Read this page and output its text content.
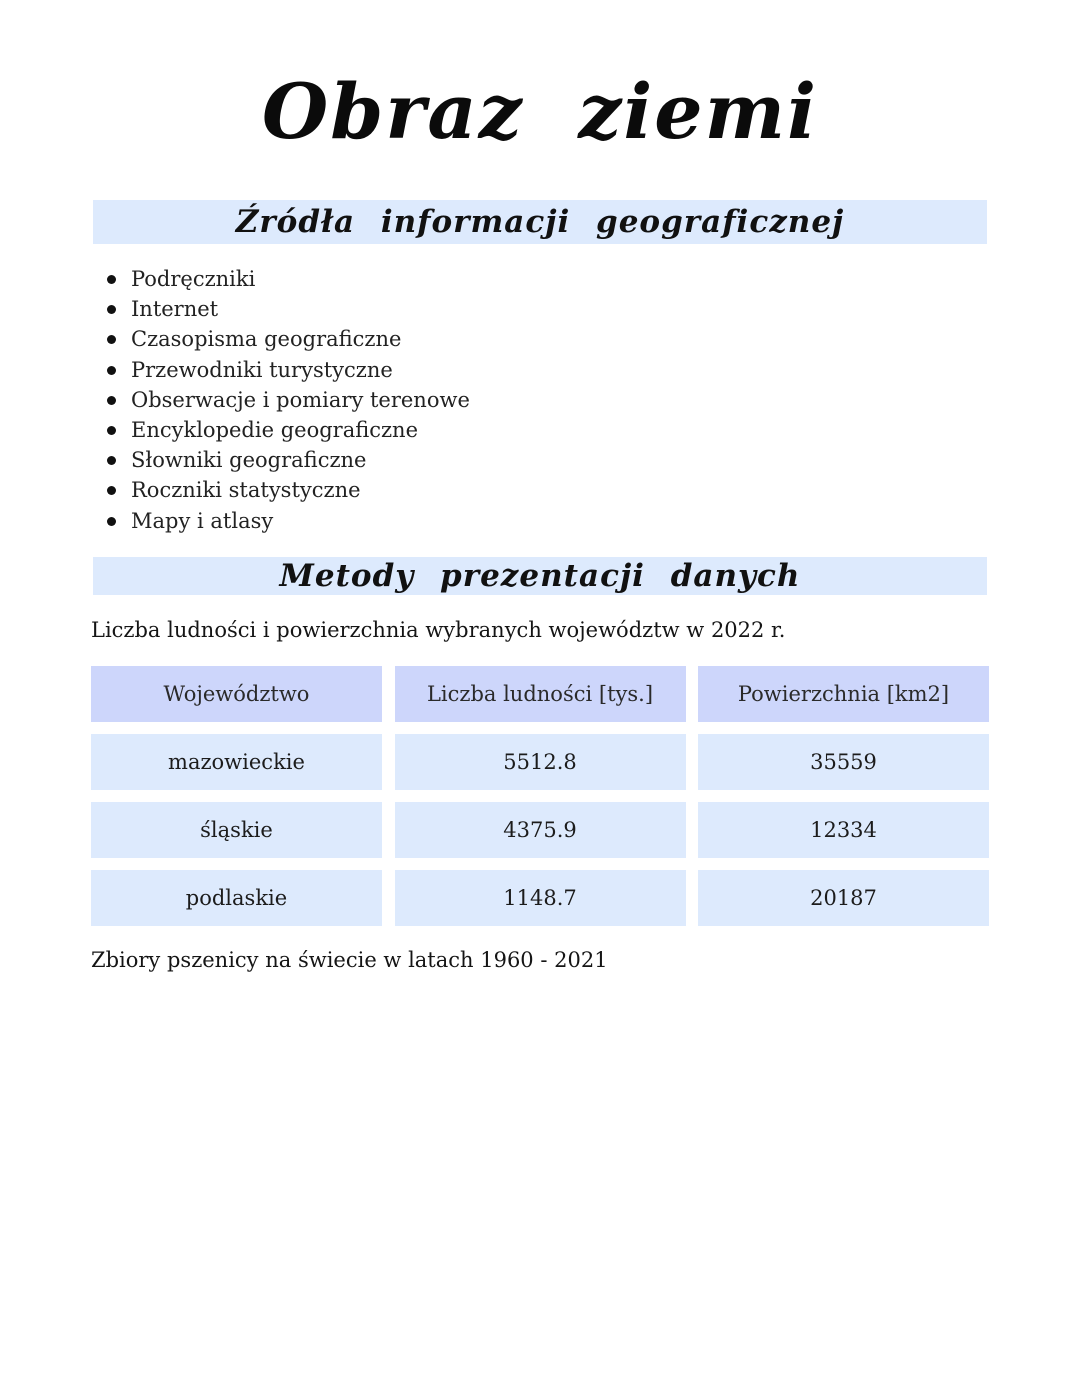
Obraz ziemi
Źródła informacji geograficznej
Podręczniki
Internet
Czasopisma geograficzne
Przewodniki turystyczne
Obserwacje i pomiary terenowe
Encyklopedie geograficzne
Słowniki geograficzne
Roczniki statystyczne
Mapy i atlasy
Metody prezentacji danych
Liczba ludności i powierzchnia wybranych województw w 2022 r.
Województwo	Liczba ludności [tys.]	Powierzchnia [km2]
mazowieckie	5512.8	35559
śląskie	4375.9	12334
podlaskie	1148.7	20187
Zbiory pszenicy na świecie w latach 1960 - 2021
